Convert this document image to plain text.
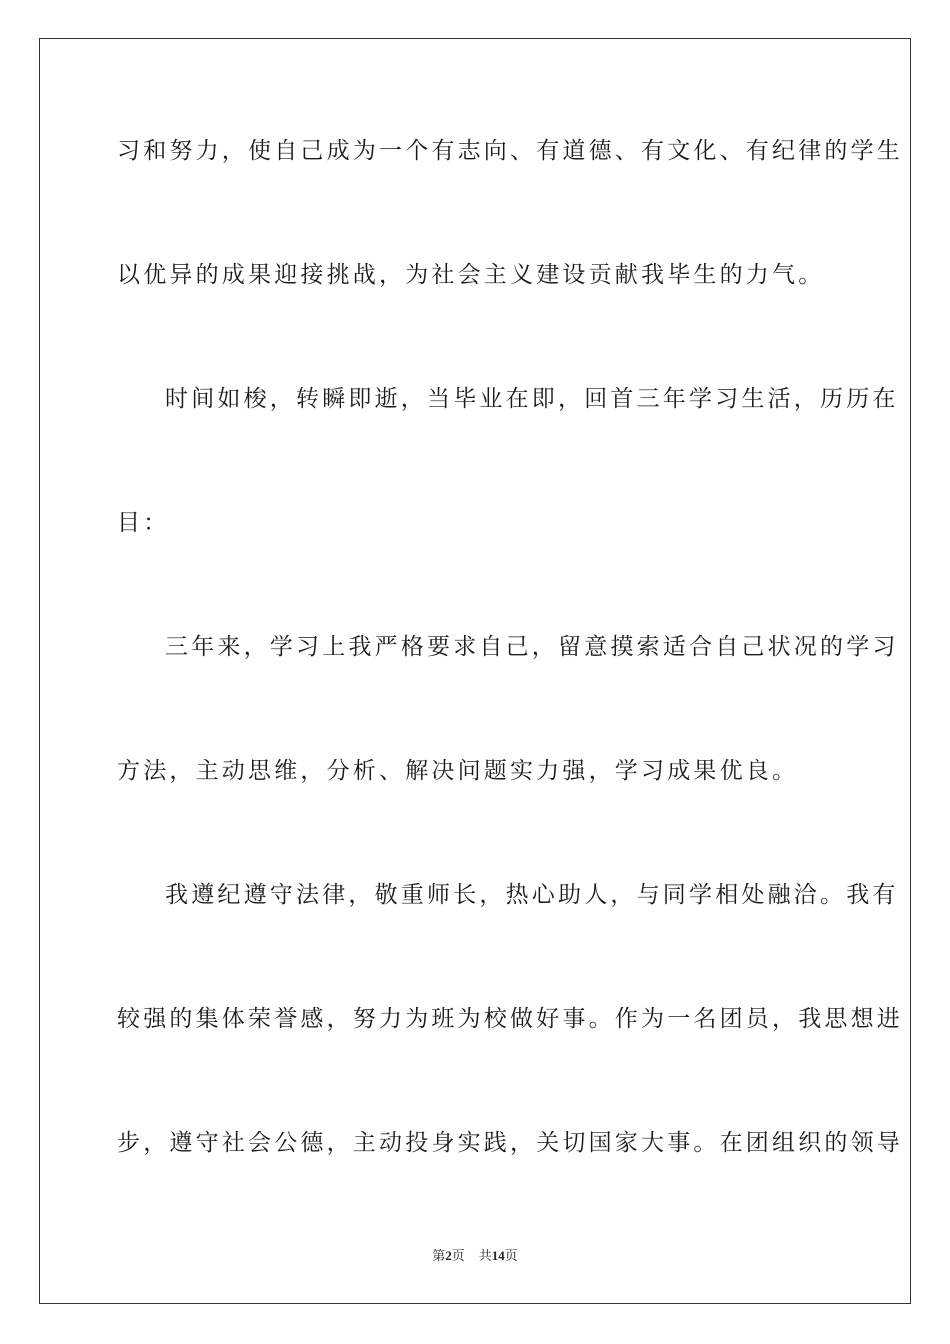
习和努力，使自己成为一个有志向、有道德、有文化、有纪律的学生
以优异的成果迎接挑战，为社会主义建设贡献我毕生的力气。
时间如梭，转瞬即逝，当毕业在即，回首三年学习生活，历历在
目：
三年来，学习上我严格要求自己，留意摸索适合自己状况的学习
方法，主动思维，分析、解决问题实力强，学习成果优良。
我遵纪遵守法律，敬重师长，热心助人，与同学相处融洽。我有
较强的集体荣誉感，努力为班为校做好事。作为一名团员，我思想进
步，遵守社会公德，主动投身实践，关切国家大事。在团组织的领导
第2页 共14页
